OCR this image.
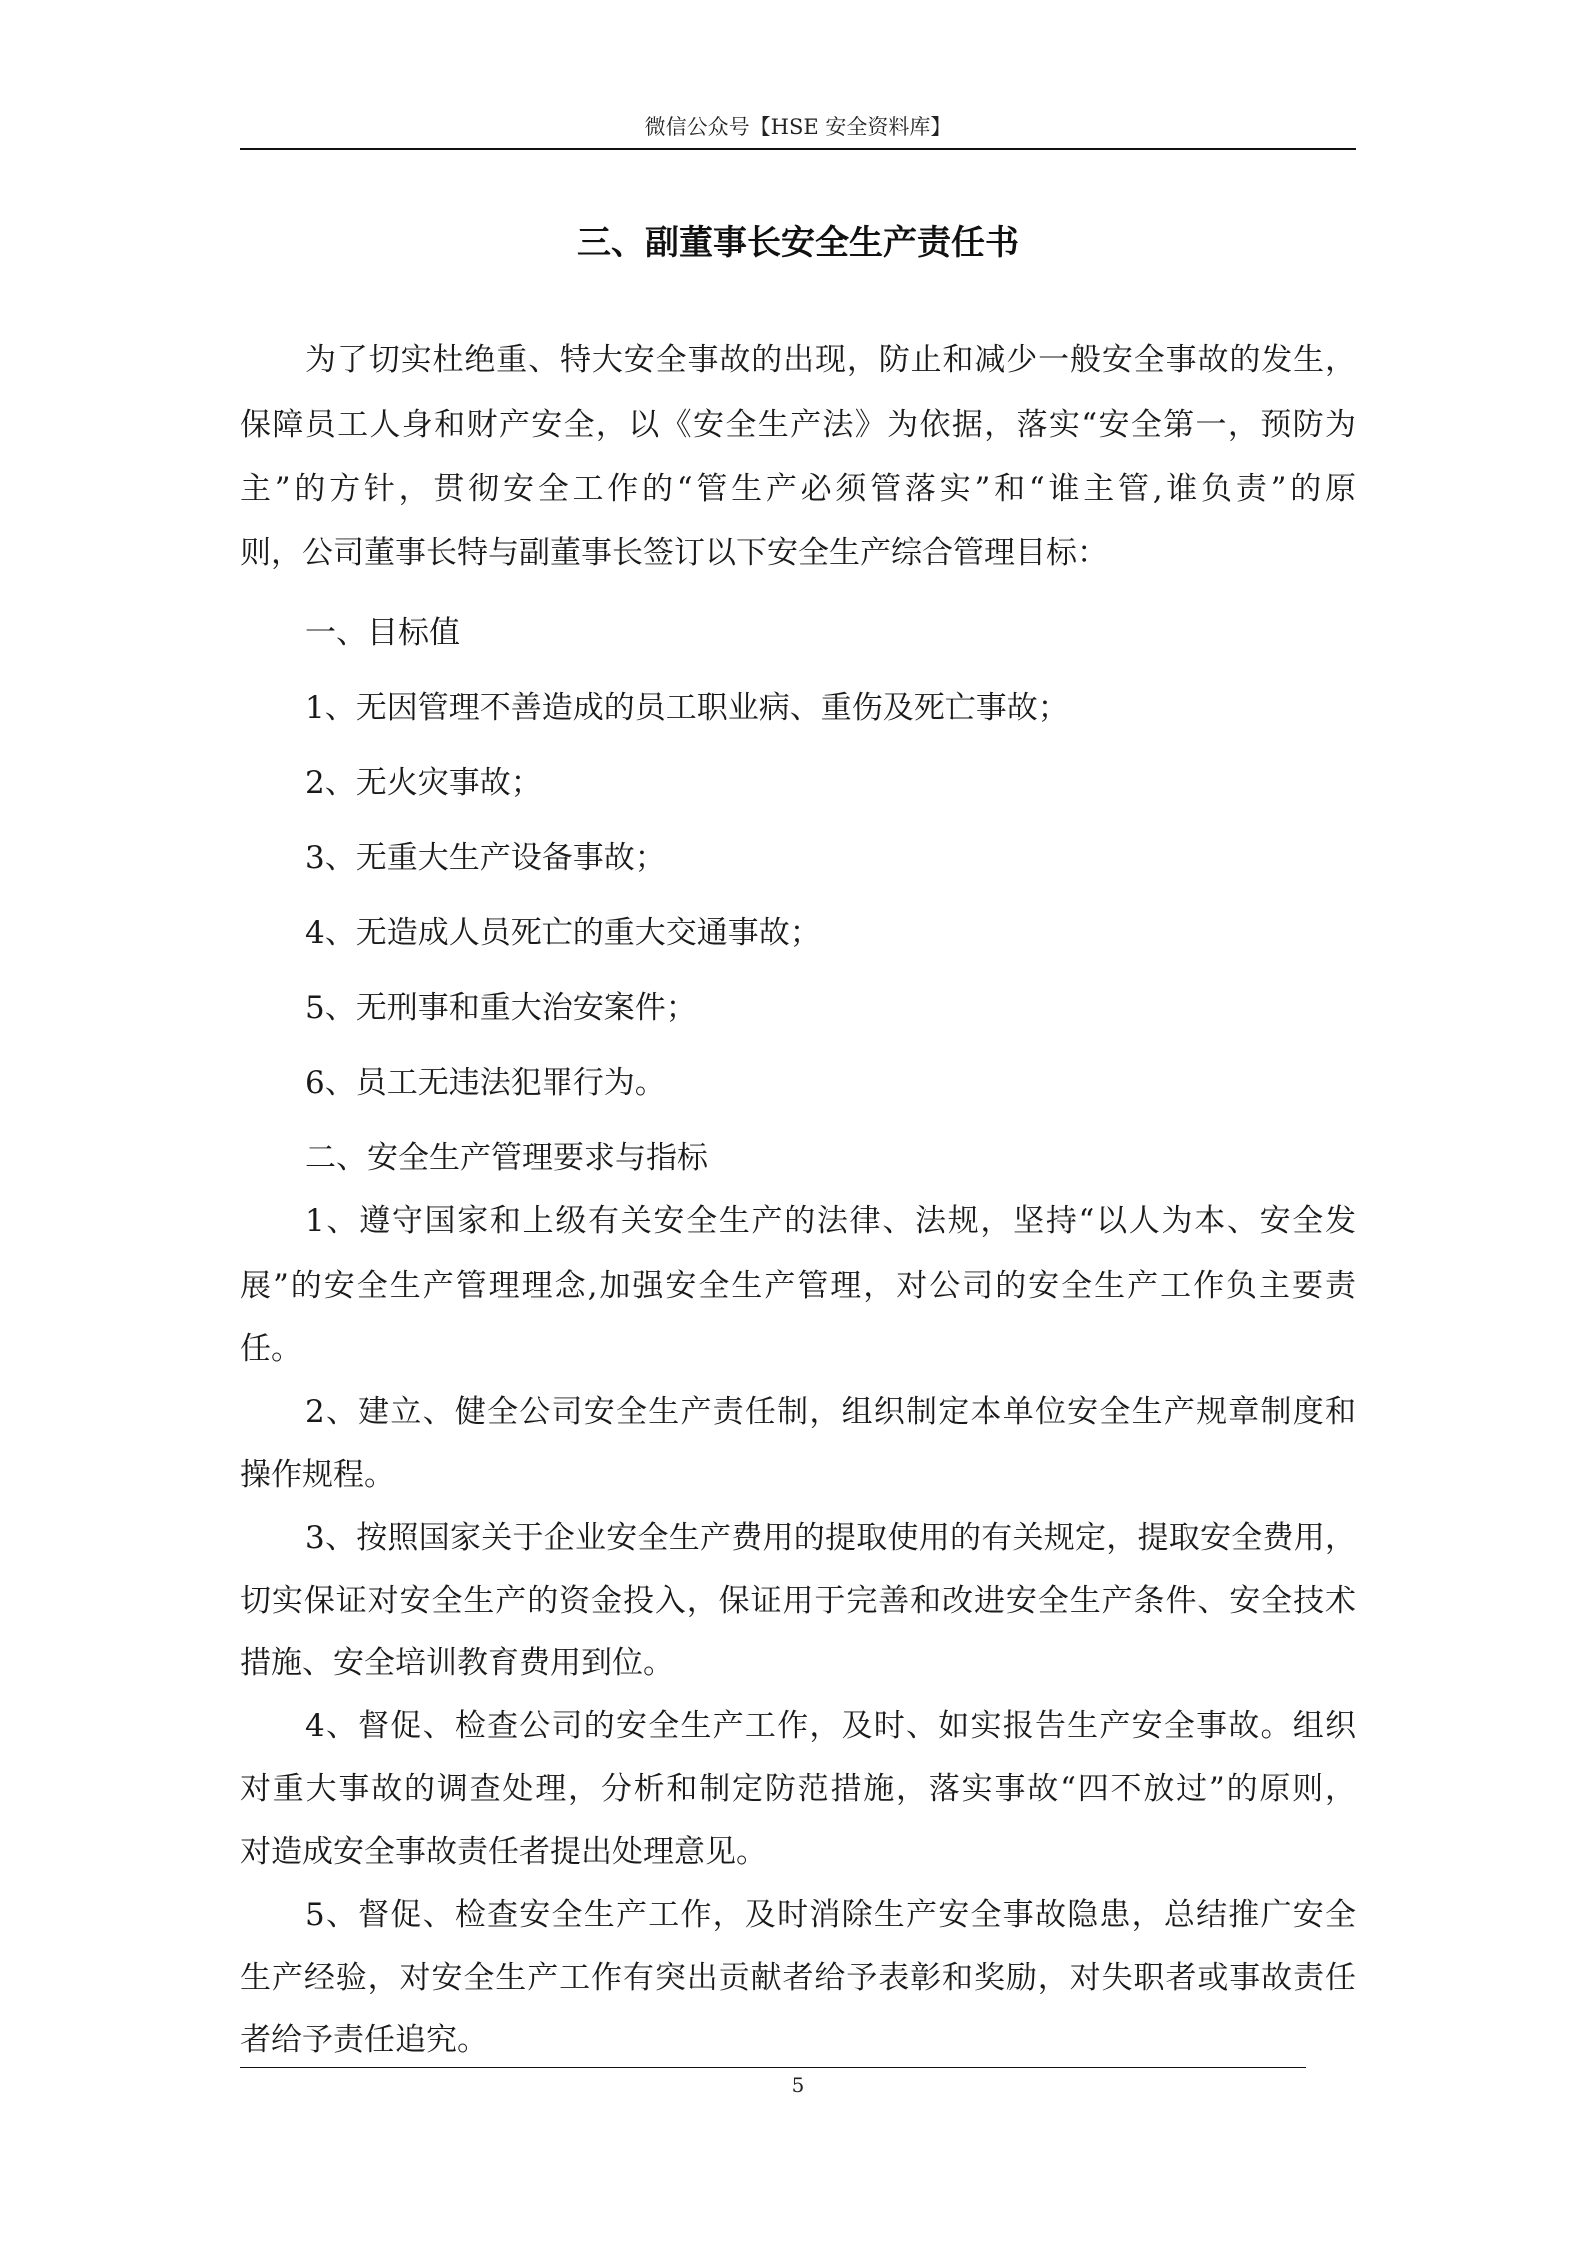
微信公众号【HSE 安全资料库】
三、副董事长安全生产责任书
为了切实杜绝重、特大安全事故的出现，防止和减少一般安全事故的发生，
保障员工人身和财产安全，以《安全生产法》为依据，落实“安全第一，预防为
主”的方针，贯彻安全工作的“管生产必须管落实”和“谁主管,谁负责”的原
则，公司董事长特与副董事长签订以下安全生产综合管理目标：
一、目标值
1、无因管理不善造成的员工职业病、重伤及死亡事故；
2、无火灾事故；
3、无重大生产设备事故；
4、无造成人员死亡的重大交通事故；
5、无刑事和重大治安案件；
6、员工无违法犯罪行为。
二、安全生产管理要求与指标
1、遵守国家和上级有关安全生产的法律、法规，坚持“以人为本、安全发
展”的安全生产管理理念,加强安全生产管理，对公司的安全生产工作负主要责
任。
2、建立、健全公司安全生产责任制，组织制定本单位安全生产规章制度和
操作规程。
3、按照国家关于企业安全生产费用的提取使用的有关规定，提取安全费用，
切实保证对安全生产的资金投入，保证用于完善和改进安全生产条件、安全技术
措施、安全培训教育费用到位。
4、督促、检查公司的安全生产工作，及时、如实报告生产安全事故。组织
对重大事故的调查处理，分析和制定防范措施，落实事故“四不放过”的原则，
对造成安全事故责任者提出处理意见。
5、督促、检查安全生产工作，及时消除生产安全事故隐患，总结推广安全
生产经验，对安全生产工作有突出贡献者给予表彰和奖励，对失职者或事故责任
者给予责任追究。
5
